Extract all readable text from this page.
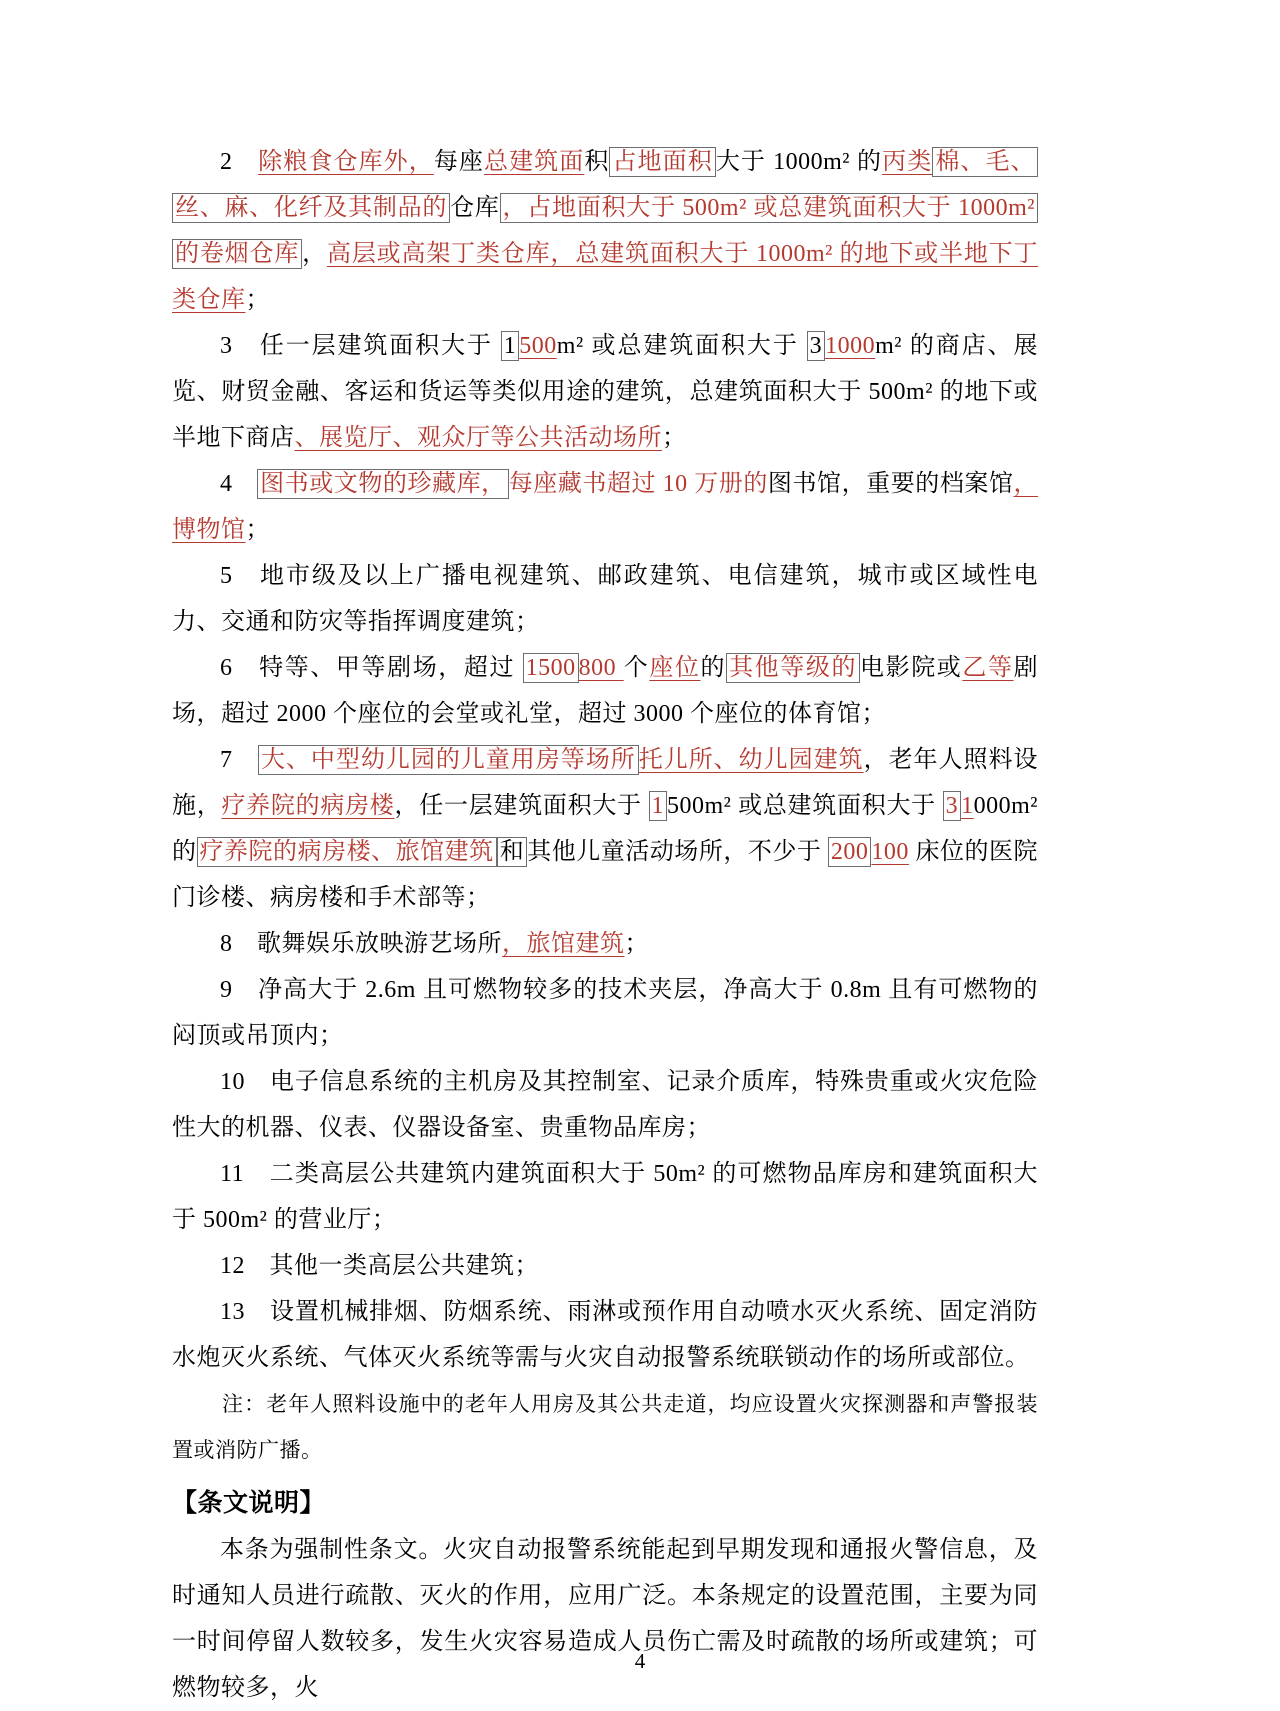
2　除粮食仓库外，每座总建筑面积 占地面积 大于 1000m² 的丙类 棉、毛、丝、麻、化纤及其制品的 仓库 ，占地面积大于 500m² 或总建筑面积大于 1000m² 的卷烟仓库 ，高层或高架丁类仓库，总建筑面积大于 1000m² 的地下或半地下丁类仓库；

3　任一层建筑面积大于 1 500m² 或总建筑面积大于 3 1000m² 的商店、展览、财贸金融、客运和货运等类似用途的建筑，总建筑面积大于 500m² 的地下或半地下商店、展览厅、观众厅等公共活动场所；

4　图书或文物的珍藏库， 每座藏书超过 10 万册的图书馆，重要的档案馆，博物馆；

5　地市级及以上广播电视建筑、邮政建筑、电信建筑，城市或区域性电力、交通和防灾等指挥调度建筑；

6　特等、甲等剧场，超过 1500 800 个座位的 其他等级的 电影院或乙等剧场，超过 2000 个座位的会堂或礼堂，超过 3000 个座位的体育馆；

7　大、中型幼儿园的儿童用房等场所 托儿所、幼儿园建筑，老年人照料设施，疗养院的病房楼，任一层建筑面积大于 1 500m² 或总建筑面积大于 3 1000m² 的 疗养院的病房楼、旅馆建筑 和 其他儿童活动场所，不少于 200 100 床位的医院门诊楼、病房楼和手术部等；

8　歌舞娱乐放映游艺场所，旅馆建筑；

9　净高大于 2.6m 且可燃物较多的技术夹层，净高大于 0.8m 且有可燃物的闷顶或吊顶内；

10　电子信息系统的主机房及其控制室、记录介质库，特殊贵重或火灾危险性大的机器、仪表、仪器设备室、贵重物品库房；

11　二类高层公共建筑内建筑面积大于 50m² 的可燃物品库房和建筑面积大于 500m² 的营业厅；

12　其他一类高层公共建筑；

13　设置机械排烟、防烟系统、雨淋或预作用自动喷水灭火系统、固定消防水炮灭火系统、气体灭火系统等需与火灾自动报警系统联锁动作的场所或部位。

注：老年人照料设施中的老年人用房及其公共走道，均应设置火灾探测器和声警报装置或消防广播。

【条文说明】

本条为强制性条文。火灾自动报警系统能起到早期发现和通报火警信息，及时通知人员进行疏散、灭火的作用，应用广泛。本条规定的设置范围，主要为同一时间停留人数较多，发生火灾容易造成人员伤亡需及时疏散的场所或建筑；可燃物较多，火

4
